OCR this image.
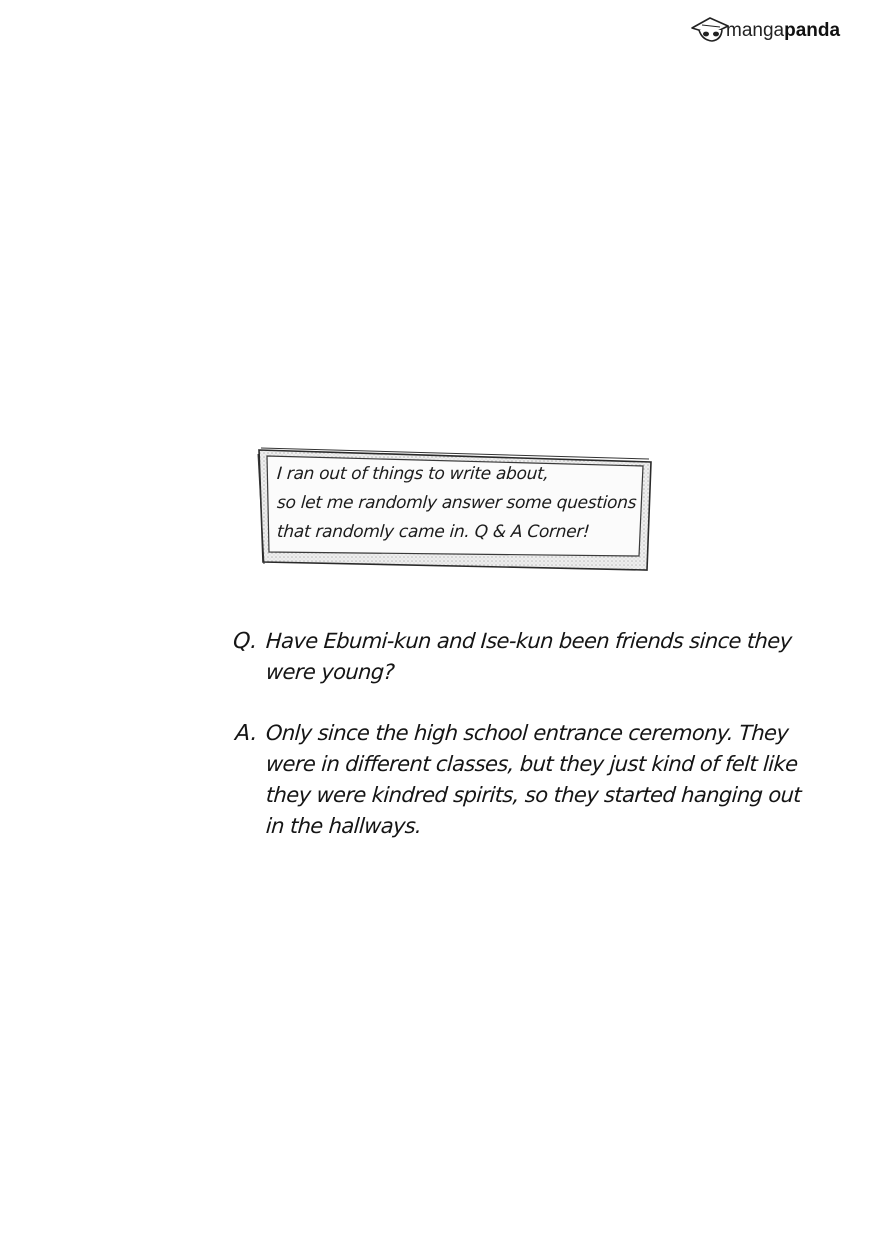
mangapanda
I ran out of things to write about,
so let me randomly answer some questions
that randomly came in. Q & A Corner!
Q. Have Ebumi-kun and Ise-kun been friends since they
were young?
A. Only since the high school entrance ceremony. They
were in different classes, but they just kind of felt like
they were kindred spirits, so they started hanging out
in the hallways.
